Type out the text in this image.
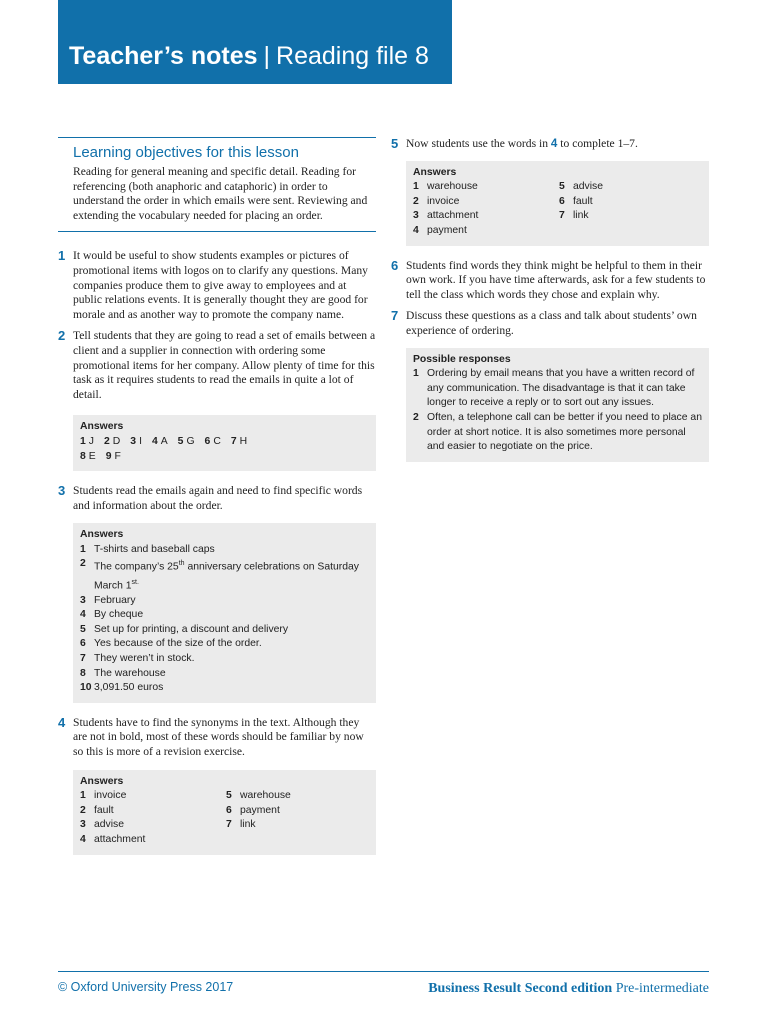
Teacher’s notes | Reading file 8
Learning objectives for this lesson
Reading for general meaning and specific detail. Reading for referencing (both anaphoric and cataphoric) in order to understand the order in which emails were sent. Reviewing and extending the vocabulary needed for placing an order.
1 It would be useful to show students examples or pictures of promotional items with logos on to clarify any questions. Many companies produce them to give away to employees and at public relations events. It is generally thought they are good for morale and as another way to promote the company name.
2 Tell students that they are going to read a set of emails between a client and a supplier in connection with ordering some promotional items for her company. Allow plenty of time for this task as it requires students to read the emails in quite a lot of detail.
Answers
1 J 2 D 3 I 4 A 5 G 6 C 7 H
8 E 9 F
3 Students read the emails again and need to find specific words and information about the order.
Answers
1 T-shirts and baseball caps
2 The company’s 25th anniversary celebrations on Saturday March $1^{st.}$
3 February
4 By cheque
5 Set up for printing, a discount and delivery
6 Yes because of the size of the order.
7 They weren’t in stock.
8 The warehouse
10 3,091.50 euros
4 Students have to find the synonyms in the text. Although they are not in bold, most of these words should be familiar by now so this is more of a revision exercise.
Answers
1 invoice
2 fault
3 advise
4 attachment
5 warehouse
6 payment
7 link
5 Now students use the words in 4 to complete 1–7.
Answers
1 warehouse
2 invoice
3 attachment
4 payment
5 advise
6 fault
7 link
6 Students find words they think might be helpful to them in their own work. If you have time afterwards, ask for a few students to tell the class which words they chose and explain why.
7 Discuss these questions as a class and talk about students’ own experience of ordering.
Possible responses
1 Ordering by email means that you have a written record of any communication. The disadvantage is that it can take longer to receive a reply or to sort out any issues.
2 Often, a telephone call can be better if you need to place an order at short notice. It is also sometimes more personal and easier to negotiate on the price.
© Oxford University Press 2017	Business Result Second edition Pre-intermediate
